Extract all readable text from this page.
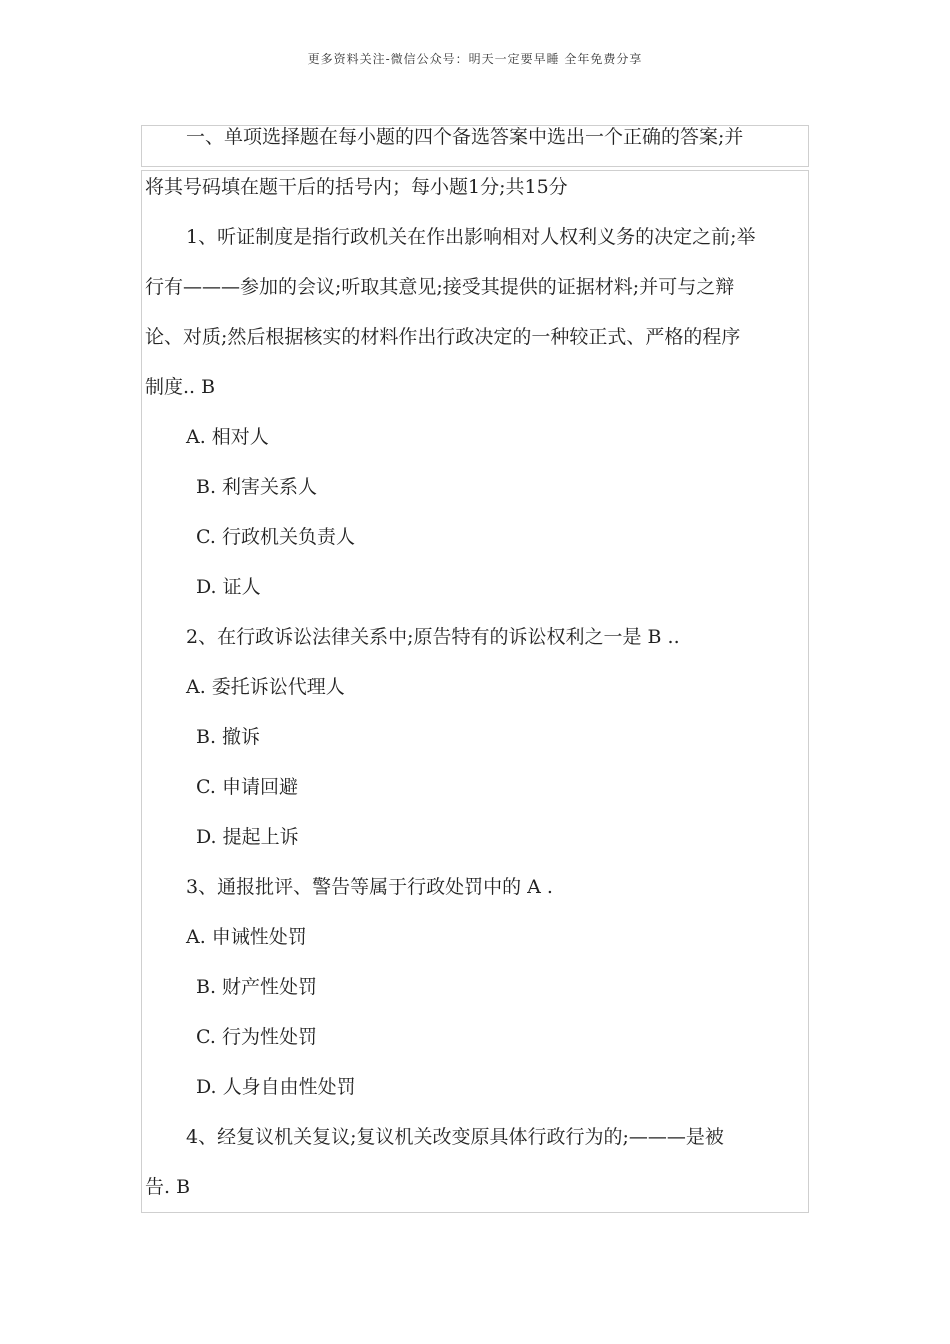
更多资料关注-微信公众号：明天一定要早睡 全年免费分享
一、单项选择题在每小题的四个备选答案中选出一个正确的答案;并
将其号码填在题干后的括号内；每小题1分;共15分
1、听证制度是指行政机关在作出影响相对人权利义务的决定之前;举
行有———参加的会议;听取其意见;接受其提供的证据材料;并可与之辩
论、对质;然后根据核实的材料作出行政决定的一种较正式、严格的程序
制度.. B
A. 相对人
B. 利害关系人
C. 行政机关负责人
D. 证人
2、在行政诉讼法律关系中;原告特有的诉讼权利之一是 B ..
A. 委托诉讼代理人
B. 撤诉
C. 申请回避
D. 提起上诉
3、通报批评、警告等属于行政处罚中的 A .
A. 申诫性处罚
B. 财产性处罚
C. 行为性处罚
D. 人身自由性处罚
4、经复议机关复议;复议机关改变原具体行政行为的;———是被
告. B
